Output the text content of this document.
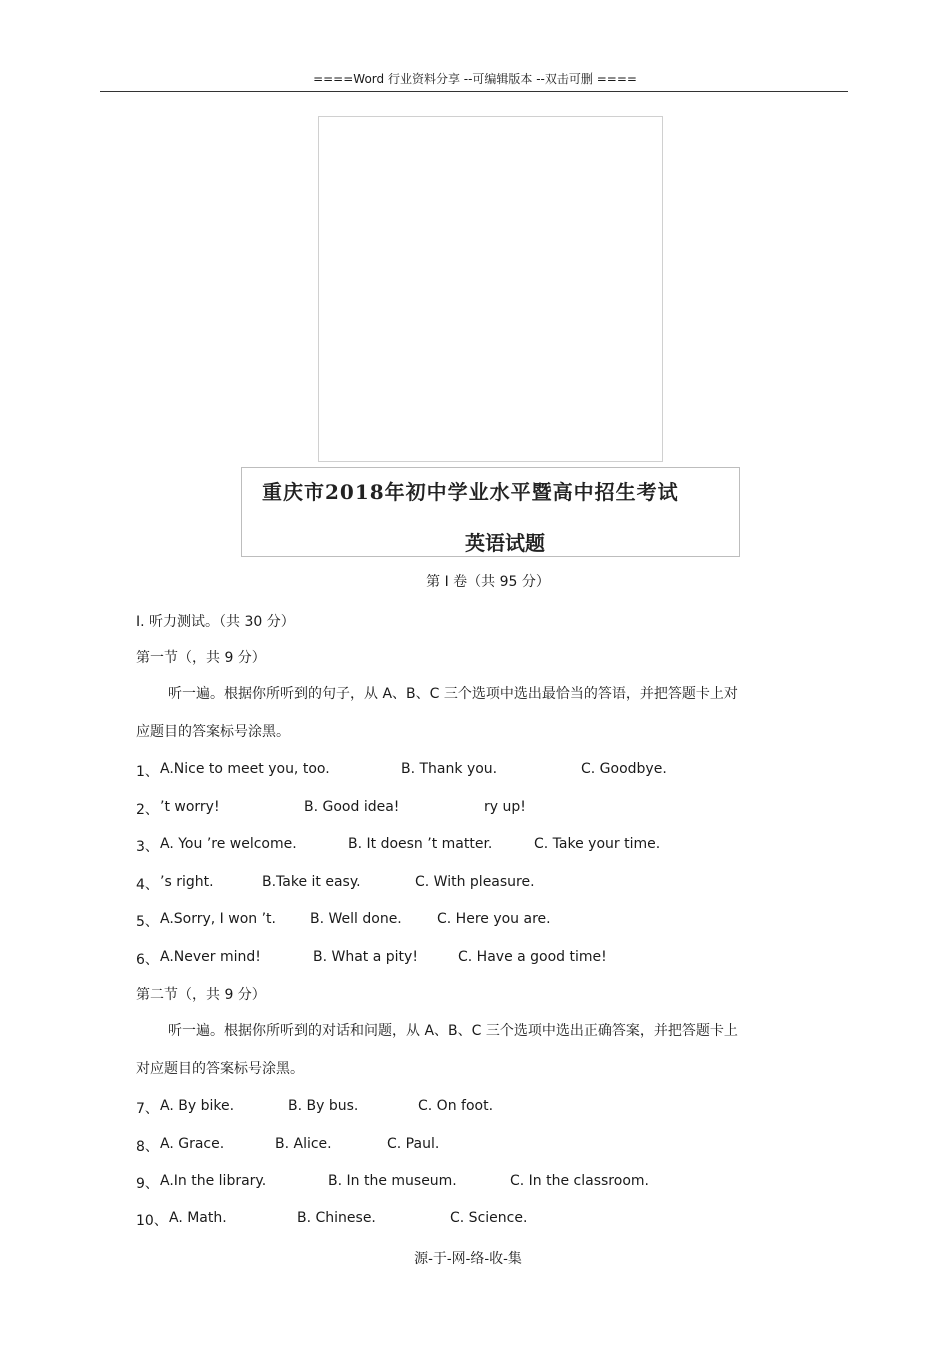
====Word 行业资料分享 --可编辑版本 --双击可删 ====
重庆市2018年初中学业水平暨高中招生考试
英语试题
第 I 卷（共 95 分）
I. 听力测试。（共 30 分）
第一节（，共 9 分）
听一遍。根据你所听到的句子，从 A、B、C 三个选项中选出最恰当的答语，并把答题卡上对
应题目的答案标号涂黑。
1、 A.Nice to meet you, too.	B. Thank you.	C. Goodbye.
2、 ’t worry!	B. Good idea!	ry up!
3、 A. You ’re welcome.	B. It doesn ’t matter.	C. Take your time.
4、 ’s right.	B.Take it easy.	C. With pleasure.
5、 A.Sorry, I won ’t. B. Well done.	C. Here you are.
6、 A.Never mind!	B. What a pity!	C. Have a good time!
第二节（，共 9 分）
听一遍。根据你所听到的对话和问题，从 A、B、C 三个选项中选出正确答案，并把答题卡上
对应题目的答案标号涂黑。
7、 A. By bike.	B. By bus.	C. On foot.
8、 A. Grace.	B. Alice.	C. Paul.
9、 A.In the library.	B. In the museum.	C. In the classroom.
10、 A. Math.	B. Chinese.	C. Science.
源-于-网-络-收-集
